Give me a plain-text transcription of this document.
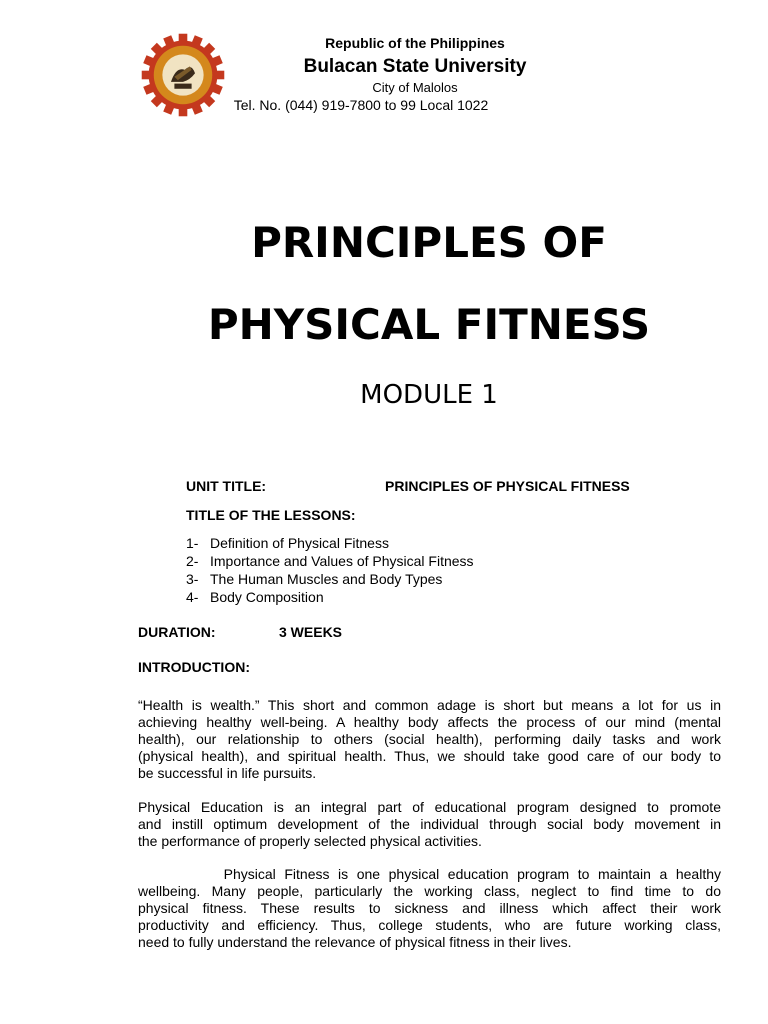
Republic of the Philippines
Bulacan State University
City of Malolos
Tel. No. (044) 919-7800 to 99 Local 1022
PRINCIPLES OF
PHYSICAL FITNESS
MODULE 1
UNIT TITLE:	PRINCIPLES OF PHYSICAL FITNESS
TITLE OF THE LESSONS:
1- Definition of Physical Fitness
2- Importance and Values of Physical Fitness
3- The Human Muscles and Body Types
4- Body Composition
DURATION:	3 WEEKS
INTRODUCTION:
“Health is wealth.” This short and common adage is short but means a lot for us in
achieving healthy well-being. A healthy body affects the process of our mind (mental
health), our relationship to others (social health), performing daily tasks and work
(physical health), and spiritual health. Thus, we should take good care of our body to
be successful in life pursuits.
Physical Education is an integral part of educational program designed to promote
and instill optimum development of the individual through social body movement in
the performance of properly selected physical activities.
Physical Fitness is one physical education program to maintain a healthy
wellbeing. Many people, particularly the working class, neglect to find time to do
physical fitness. These results to sickness and illness which affect their work
productivity and efficiency. Thus, college students, who are future working class,
need to fully understand the relevance of physical fitness in their lives.
